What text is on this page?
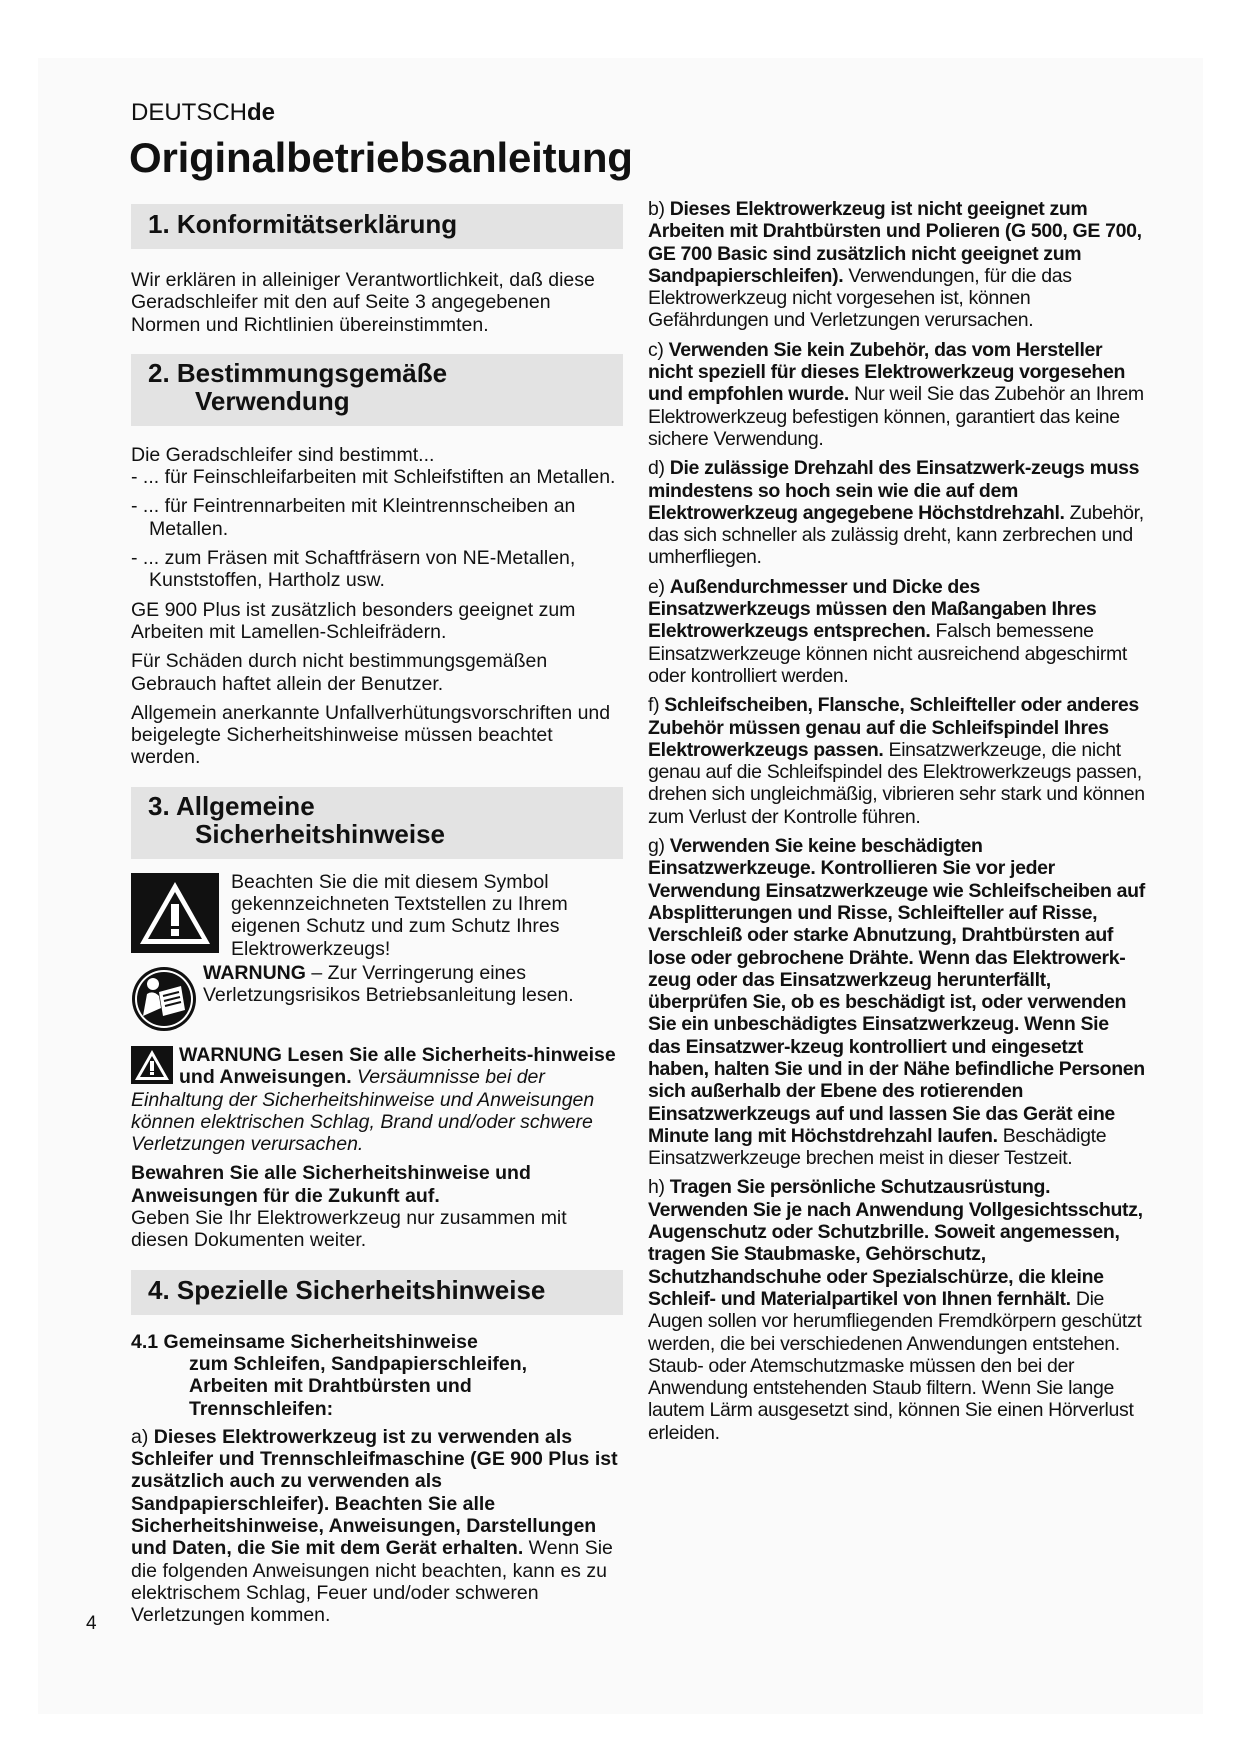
DEUTSCHde
Originalbetriebsanleitung
1. Konformitätserklärung

Wir erklären in alleiniger Verantwortlichkeit, daß diese Geradschleifer mit den auf Seite 3 angegebenen Normen und Richtlinien übereinstimmten.

2. Bestimmungsgemäße
Verwendung

Die Geradschleifer sind bestimmt...

- ... für Feinschleifarbeiten mit Schleifstiften an Metallen.

- ... für Feintrennarbeiten mit Kleintrennscheiben an Metallen.

- ... zum Fräsen mit Schaftfräsern von NE-Metallen, Kunststoffen, Hartholz usw.

GE 900 Plus ist zusätzlich besonders geeignet zum Arbeiten mit Lamellen-Schleifrädern.

Für Schäden durch nicht bestimmungsgemäßen Gebrauch haftet allein der Benutzer.

Allgemein anerkannte Unfallverhütungsvorschriften und beigelegte Sicherheitshinweise müssen beachtet werden.

3. Allgemeine
Sicherheitshinweise

Beachten Sie die mit diesem Symbol gekennzeichneten Textstellen zu Ihrem eigenen Schutz und zum Schutz Ihres Elektrowerkzeugs!

WARNUNG – Zur Verringerung eines Verletzungsrisikos Betriebsanleitung lesen.

WARNUNG Lesen Sie alle Sicherheits-hinweise und Anweisungen. Versäumnisse bei der Einhaltung der Sicherheitshinweise und Anweisungen können elektrischen Schlag, Brand und/oder schwere Verletzungen verursachen.

Bewahren Sie alle Sicherheitshinweise und Anweisungen für die Zukunft auf.
Geben Sie Ihr Elektrowerkzeug nur zusammen mit diesen Dokumenten weiter.

4. Spezielle Sicherheitshinweise
4.1 Gemeinsame Sicherheitshinweise
zum Schleifen, Sandpapierschleifen,
Arbeiten mit Drahtbürsten und
Trennschleifen:

a) Dieses Elektrowerkzeug ist zu verwenden als Schleifer und Trennschleifmaschine (GE 900 Plus ist zusätzlich auch zu verwenden als Sandpapierschleifer). Beachten Sie alle Sicherheitshinweise, Anweisungen, Darstellungen und Daten, die Sie mit dem Gerät erhalten. Wenn Sie die folgenden Anweisungen nicht beachten, kann es zu elektrischem Schlag, Feuer und/oder schweren Verletzungen kommen.

b) Dieses Elektrowerkzeug ist nicht geeignet zum Arbeiten mit Drahtbürsten und Polieren (G 500, GE 700, GE 700 Basic sind zusätzlich nicht geeignet zum Sandpapierschleifen). Verwendungen, für die das Elektrowerkzeug nicht vorgesehen ist, können Gefährdungen und Verletzungen verursachen.

c) Verwenden Sie kein Zubehör, das vom Hersteller nicht speziell für dieses Elektrowerkzeug vorgesehen und empfohlen wurde. Nur weil Sie das Zubehör an Ihrem Elektrowerkzeug befestigen können, garantiert das keine sichere Verwendung.

d) Die zulässige Drehzahl des Einsatzwerk-zeugs muss mindestens so hoch sein wie die auf dem Elektrowerkzeug angegebene Höchstdrehzahl. Zubehör, das sich schneller als zulässig dreht, kann zerbrechen und umherfliegen.

e) Außendurchmesser und Dicke des Einsatzwerkzeugs müssen den Maßangaben Ihres Elektrowerkzeugs entsprechen. Falsch bemessene Einsatzwerkzeuge können nicht ausreichend abgeschirmt oder kontrolliert werden.

f) Schleifscheiben, Flansche, Schleifteller oder anderes Zubehör müssen genau auf die Schleifspindel Ihres Elektrowerkzeugs passen. Einsatzwerkzeuge, die nicht genau auf die Schleifspindel des Elektrowerkzeugs passen, drehen sich ungleichmäßig, vibrieren sehr stark und können zum Verlust der Kontrolle führen.

g) Verwenden Sie keine beschädigten Einsatzwerkzeuge. Kontrollieren Sie vor jeder Verwendung Einsatzwerkzeuge wie Schleifscheiben auf Absplitterungen und Risse, Schleifteller auf Risse, Verschleiß oder starke Abnutzung, Drahtbürsten auf lose oder gebrochene Drähte. Wenn das Elektrowerk-zeug oder das Einsatzwerkzeug herunterfällt, überprüfen Sie, ob es beschädigt ist, oder verwenden Sie ein unbeschädigtes Einsatzwerkzeug. Wenn Sie das Einsatzwer-kzeug kontrolliert und eingesetzt haben, halten Sie und in der Nähe befindliche Personen sich außerhalb der Ebene des rotierenden Einsatzwerkzeugs auf und lassen Sie das Gerät eine Minute lang mit Höchstdrehzahl laufen. Beschädigte Einsatzwerkzeuge brechen meist in dieser Testzeit.

h) Tragen Sie persönliche Schutzausrüstung. Verwenden Sie je nach Anwendung Vollgesichtsschutz, Augenschutz oder Schutzbrille. Soweit angemessen, tragen Sie Staubmaske, Gehörschutz, Schutzhandschuhe oder Spezialschürze, die kleine Schleif- und Materialpartikel von Ihnen fernhält. Die Augen sollen vor herumfliegenden Fremdkörpern geschützt werden, die bei verschiedenen Anwendungen entstehen. Staub- oder Atemschutzmaske müssen den bei der Anwendung entstehenden Staub filtern. Wenn Sie lange lautem Lärm ausgesetzt sind, können Sie einen Hörverlust erleiden.

4
